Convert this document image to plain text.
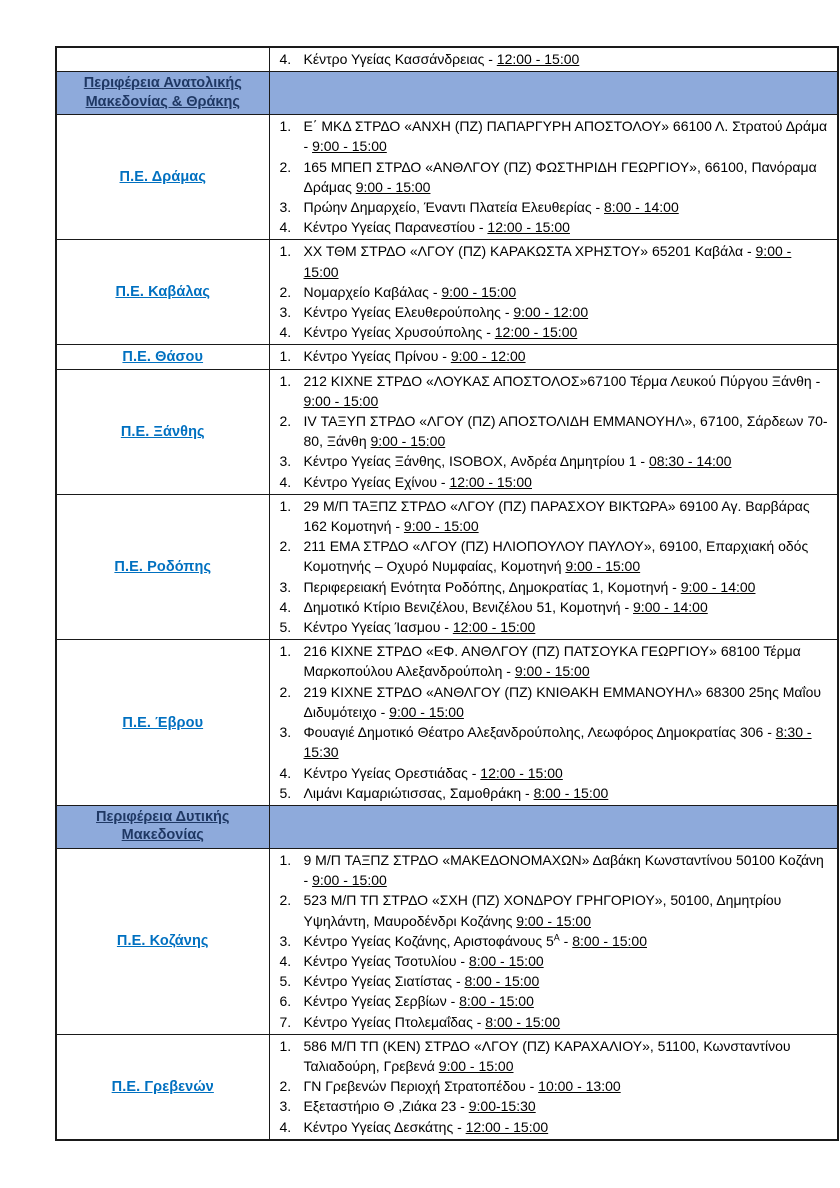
	4. Κέντρο Υγείας Κασσάνδρειας - 12:00 - 15:00

Περιφέρεια Ανατολικής
Μακεδονίας & Θράκης	

Π.Ε. Δράμας	
1. Ε΄ ΜΚΔ ΣΤΡΔΟ «ΑΝΧΗ (ΠΖ) ΠΑΠΑΡΓΥΡΗ ΑΠΟΣΤΟΛΟΥ» 66100 Λ. Στρατού Δράμα - 9:00 - 15:00
2. 165 ΜΠΕΠ ΣΤΡΔΟ «ΑΝΘΛΓΟΥ (ΠΖ) ΦΩΣΤΗΡΙΔΗ ΓΕΩΡΓΙΟΥ», 66100, Πανόραμα Δράμας 9:00 - 15:00
3. Πρώην Δημαρχείο, Έναντι Πλατεία Ελευθερίας - 8:00 - 14:00
4. Κέντρο Υγείας Παρανεστίου - 12:00 - 15:00

Π.Ε. Καβάλας	
1. ΧΧ ΤΘΜ ΣΤΡΔΟ «ΛΓΟΥ (ΠΖ) ΚΑΡΑΚΩΣΤΑ ΧΡΗΣΤΟΥ» 65201 Καβάλα - 9:00 - 15:00
2. Νομαρχείο Καβάλας - 9:00 - 15:00
3. Κέντρο Υγείας Ελευθερούπολης - 9:00 - 12:00
4. Κέντρο Υγείας Χρυσούπολης - 12:00 - 15:00

Π.Ε. Θάσου	1. Κέντρο Υγείας Πρίνου - 9:00 - 12:00

Π.Ε. Ξάνθης	
1. 212 ΚΙΧΝΕ ΣΤΡΔΟ «ΛΟΥΚΑΣ ΑΠΟΣΤΟΛΟΣ»67100 Τέρμα Λευκού Πύργου Ξάνθη - 9:00 - 15:00
2. IV ΤΑΞΥΠ ΣΤΡΔΟ «ΛΓΟΥ (ΠΖ) ΑΠΟΣΤΟΛΙΔΗ ΕΜΜΑΝΟΥΗΛ», 67100, Σάρδεων 70-80, Ξάνθη 9:00 - 15:00
3. Κέντρο Υγείας Ξάνθης, ISOBOX, Ανδρέα Δημητρίου 1 - 08:30 - 14:00
4. Κέντρο Υγείας Εχίνου - 12:00 - 15:00

Π.Ε. Ροδόπης	
1. 29 Μ/Π ΤΑΞΠΖ ΣΤΡΔΟ «ΛΓΟΥ (ΠΖ) ΠΑΡΑΣΧΟΥ ΒΙΚΤΩΡΑ» 69100 Αγ. Βαρβάρας 162 Κομοτηνή - 9:00 - 15:00
2. 211 ΕΜΑ ΣΤΡΔΟ «ΛΓΟΥ (ΠΖ) ΗΛΙΟΠΟΥΛΟΥ ΠΑΥΛΟΥ», 69100, Επαρχιακή οδός Κομοτηνής – Οχυρό Νυμφαίας, Κομοτηνή 9:00 - 15:00
3. Περιφερειακή Ενότητα Ροδόπης, Δημοκρατίας 1, Κομοτηνή - 9:00 - 14:00
4. Δημοτικό Κτίριο Βενιζέλου, Βενιζέλου 51, Κομοτηνή - 9:00 - 14:00
5. Κέντρο Υγείας Ίασμου - 12:00 - 15:00

Π.Ε. Έβρου	
1. 216 ΚΙΧΝΕ ΣΤΡΔΟ «ΕΦ. ΑΝΘΛΓΟΥ (ΠΖ) ΠΑΤΣΟΥΚΑ ΓΕΩΡΓΙΟΥ» 68100 Τέρμα Μαρκοπούλου Αλεξανδρούπολη - 9:00 - 15:00
2. 219 ΚΙΧΝΕ ΣΤΡΔΟ «ΑΝΘΛΓΟΥ (ΠΖ) ΚΝΙΘΑΚΗ ΕΜΜΑΝΟΥΗΛ» 68300 25ης Μαΐου Διδυμότειχο - 9:00 - 15:00
3. Φουαγιέ Δημοτικό Θέατρο Αλεξανδρούπολης, Λεωφόρος Δημοκρατίας 306 - 8:30 - 15:30
4. Κέντρο Υγείας Ορεστιάδας - 12:00 - 15:00
5. Λιμάνι Καμαριώτισσας, Σαμοθράκη - 8:00 - 15:00

Περιφέρεια Δυτικής
Μακεδονίας	

Π.Ε. Κοζάνης	
1. 9 Μ/Π ΤΑΞΠΖ ΣΤΡΔΟ «ΜΑΚΕΔΟΝΟΜΑΧΩΝ» Δαβάκη Κωνσταντίνου 50100 Κοζάνη - 9:00 - 15:00
2. 523 Μ/Π ΤΠ ΣΤΡΔΟ «ΣΧΗ (ΠΖ) ΧΟΝΔΡΟΥ ΓΡΗΓΟΡΙΟΥ», 50100, Δημητρίου Υψηλάντη, Μαυροδένδρι Κοζάνης 9:00 - 15:00
3. Κέντρο Υγείας Κοζάνης, Αριστοφάνους $5^A$ - 8:00 - 15:00
4. Κέντρο Υγείας Τσοτυλίου - 8:00 - 15:00
5. Κέντρο Υγείας Σιατίστας - 8:00 - 15:00
6. Κέντρο Υγείας Σερβίων - 8:00 - 15:00
7. Κέντρο Υγείας Πτολεμαΐδας - 8:00 - 15:00

Π.Ε. Γρεβενών	
1. 586 Μ/Π ΤΠ (ΚΕΝ) ΣΤΡΔΟ «ΛΓΟΥ (ΠΖ) ΚΑΡΑΧΑΛΙΟΥ», 51100, Κωνσταντίνου Ταλιαδούρη, Γρεβενά 9:00 - 15:00
2. ΓΝ Γρεβενών Περιοχή Στρατοπέδου - 10:00 - 13:00
3. Εξεταστήριο Θ ,Ζιάκα 23 - 9:00-15:30
4. Κέντρο Υγείας Δεσκάτης - 12:00 - 15:00
